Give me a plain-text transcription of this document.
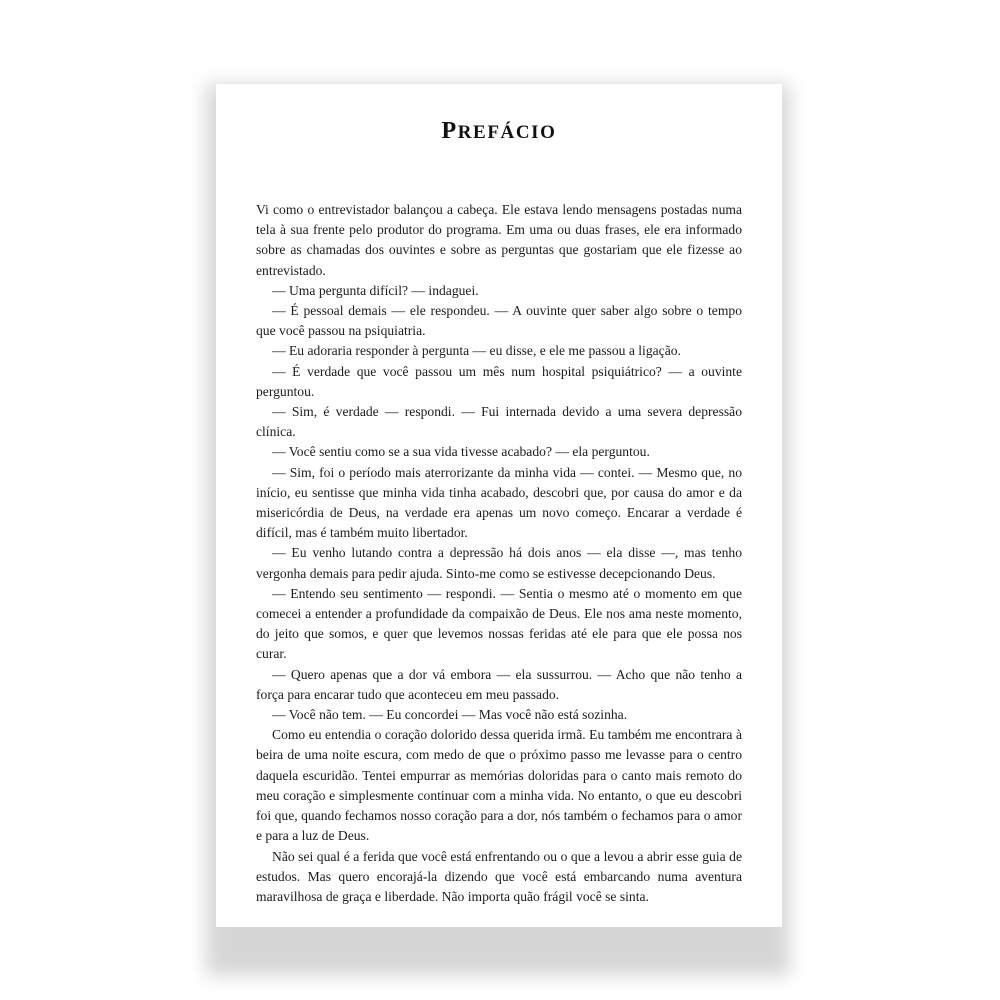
PREFÁCIO

Vi como o entrevistador balançou a cabeça. Ele estava lendo mensagens postadas numa tela à sua frente pelo produtor do programa. Em uma ou duas frases, ele era informado sobre as chamadas dos ouvintes e sobre as perguntas que gostariam que ele fizesse ao entrevistado.

— Uma pergunta difícil? — indaguei.

— É pessoal demais — ele respondeu. — A ouvinte quer saber algo sobre o tempo que você passou na psiquiatria.

— Eu adoraria responder à pergunta — eu disse, e ele me passou a ligação.

— É verdade que você passou um mês num hospital psiquiátrico? — a ouvinte perguntou.

— Sim, é verdade — respondi. — Fui internada devido a uma severa depressão clínica.

— Você sentiu como se a sua vida tivesse acabado? — ela perguntou.

— Sim, foi o período mais aterrorizante da minha vida — contei. — Mesmo que, no início, eu sentisse que minha vida tinha acabado, descobri que, por causa do amor e da misericórdia de Deus, na verdade era apenas um novo começo. Encarar a verdade é difícil, mas é também muito libertador.

— Eu venho lutando contra a depressão há dois anos — ela disse —, mas tenho vergonha demais para pedir ajuda. Sinto-me como se estivesse decepcionando Deus.

— Entendo seu sentimento — respondi. — Sentia o mesmo até o momento em que comecei a entender a profundidade da compaixão de Deus. Ele nos ama neste momento, do jeito que somos, e quer que levemos nossas feridas até ele para que ele possa nos curar.

— Quero apenas que a dor vá embora — ela sussurrou. — Acho que não tenho a força para encarar tudo que aconteceu em meu passado.

— Você não tem. — Eu concordei — Mas você não está sozinha.

Como eu entendia o coração dolorido dessa querida irmã. Eu também me encontrara à beira de uma noite escura, com medo de que o próximo passo me levasse para o centro daquela escuridão. Tentei empurrar as memórias doloridas para o canto mais remoto do meu coração e simplesmente continuar com a minha vida. No entanto, o que eu descobri foi que, quando fechamos nosso coração para a dor, nós também o fechamos para o amor e para a luz de Deus.

Não sei qual é a ferida que você está enfrentando ou o que a levou a abrir esse guia de estudos. Mas quero encorajá-la dizendo que você está embarcando numa aventura maravilhosa de graça e liberdade. Não importa quão frágil você se sinta.
